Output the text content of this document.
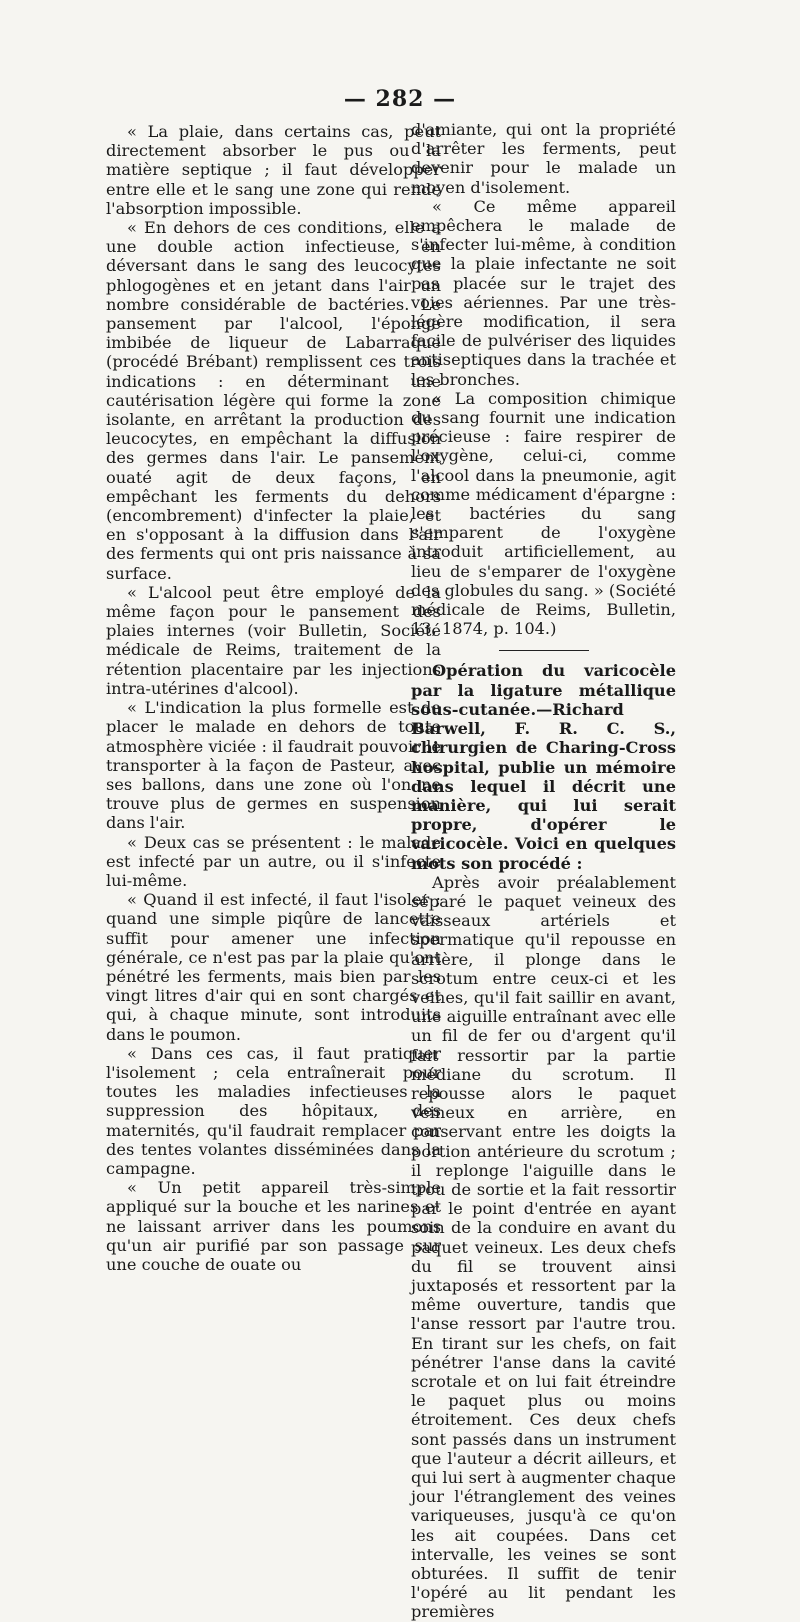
— 282 —

« La plaie, dans certains cas, peut directement absorber le pus ou la matière septique ; il faut développer entre elle et le sang une zone qui rende l'absorption impossible.

« En dehors de ces conditions, elle a une double action infectieuse, en déversant dans le sang des leucocytes phlogogènes et en jetant dans l'air un nombre considérable de bactéries. Le pansement par l'alcool, l'éponge imbibée de liqueur de Labarraque (procédé Brébant) remplissent ces trois indications : en déterminant une cautérisation légère qui forme la zone isolante, en arrêtant la production des leucocytes, en empêchant la diffusion des germes dans l'air. Le pansement ouaté agit de deux façons, en empêchant les ferments du dehors (encombrement) d'infecter la plaie, et en s'opposant à la diffusion dans l'air des ferments qui ont pris naissance à sa surface.

« L'alcool peut être employé de la même façon pour le pansement des plaies internes (voir Bulletin, Société médicale de Reims, traitement de la rétention placentaire par les injections intra-utérines d'alcool).

« L'indication la plus formelle est de placer le malade en dehors de toute atmosphère viciée : il faudrait pouvoir le transporter à la façon de Pasteur, avec ses ballons, dans une zone où l'on ne trouve plus de germes en suspension dans l'air.

« Deux cas se présentent : le malade est infecté par un autre, ou il s'infecte lui-même.

« Quand il est infecté, il faut l'isoler ; quand une simple piqûre de lancette suffit pour amener une infection générale, ce n'est pas par la plaie qu'ont pénétré les ferments, mais bien par les vingt litres d'air qui en sont chargés et qui, à chaque minute, sont introduits dans le poumon.

« Dans ces cas, il faut pratiquer l'isolement ; cela entraînerait pour toutes les maladies infectieuses la suppression des hôpitaux, des maternités, qu'il faudrait remplacer par des tentes volantes disséminées dans la campagne.

« Un petit appareil très-simple appliqué sur la bouche et les narines et ne laissant arriver dans les poumons qu'un air purifié par son passage sur une couche de ouate ou

d'amiante, qui ont la propriété d'arrêter les ferments, peut devenir pour le malade un moyen d'isolement.

« Ce même appareil empêchera le malade de s'infecter lui-même, à condition que la plaie infectante ne soit pas placée sur le trajet des voies aériennes. Par une très-légère modification, il sera facile de pulvériser des liquides antiseptiques dans la trachée et les bronches.

« La composition chimique du sang fournit une indication précieuse : faire respirer de l'oxygène, celui-ci, comme l'alcool dans la pneumonie, agit comme médicament d'épargne : les bactéries du sang s'emparent de l'oxygène introduit artificiellement, au lieu de s'emparer de l'oxygène des globules du sang. » (Société médicale de Reims, Bulletin, 13, 1874, p. 104.)

Opération du varicocèle par la ligature métallique sous-cutanée.—Richard Barwell, F. R. C. S., chirurgien de Charing-Cross hospital, publie un mémoire dans lequel il décrit une manière, qui lui serait propre, d'opérer le varicocèle. Voici en quelques mots son procédé :

Après avoir préalablement séparé le paquet veineux des vaisseaux artériels et spermatique qu'il repousse en arrière, il plonge dans le scrotum entre ceux-ci et les veines, qu'il fait saillir en avant, une aiguille entraînant avec elle un fil de fer ou d'argent qu'il fait ressortir par la partie médiane du scrotum. Il repousse alors le paquet veineux en arrière, en conservant entre les doigts la portion antérieure du scrotum ; il replonge l'aiguille dans le trou de sortie et la fait ressortir par le point d'entrée en ayant soin de la conduire en avant du paquet veineux. Les deux chefs du fil se trouvent ainsi juxtaposés et ressortent par la même ouverture, tandis que l'anse ressort par l'autre trou. En tirant sur les chefs, on fait pénétrer l'anse dans la cavité scrotale et on lui fait étreindre le paquet plus ou moins étroitement. Ces deux chefs sont passés dans un instrument que l'auteur a décrit ailleurs, et qui lui sert à augmenter chaque jour l'étranglement des veines variqueuses, jusqu'à ce qu'on les ait coupées. Dans cet intervalle, les veines se sont obturées. Il suffit de tenir l'opéré au lit pendant les premières
